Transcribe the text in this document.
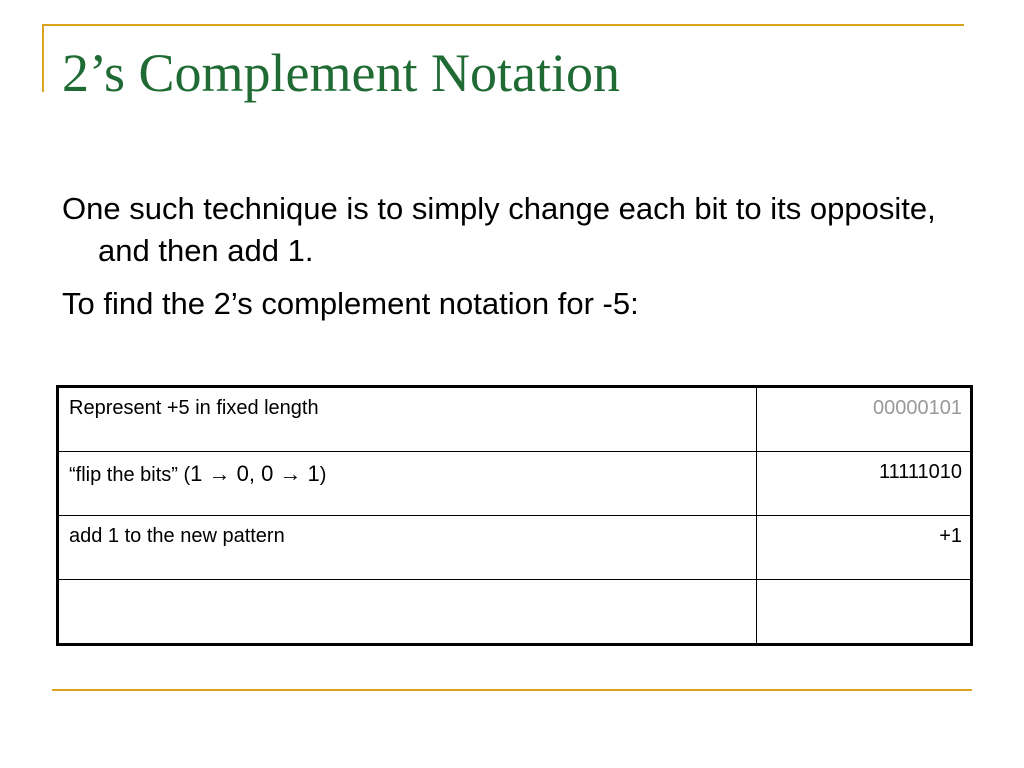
2’s Complement Notation

One such technique is to simply change each bit to its opposite, and then add 1.

To find the 2’s complement notation for -5:

Represent +5 in fixed length	00000101
“flip the bits” (1 → 0, 0 → 1)	11111010
add 1 to the new pattern	+1
